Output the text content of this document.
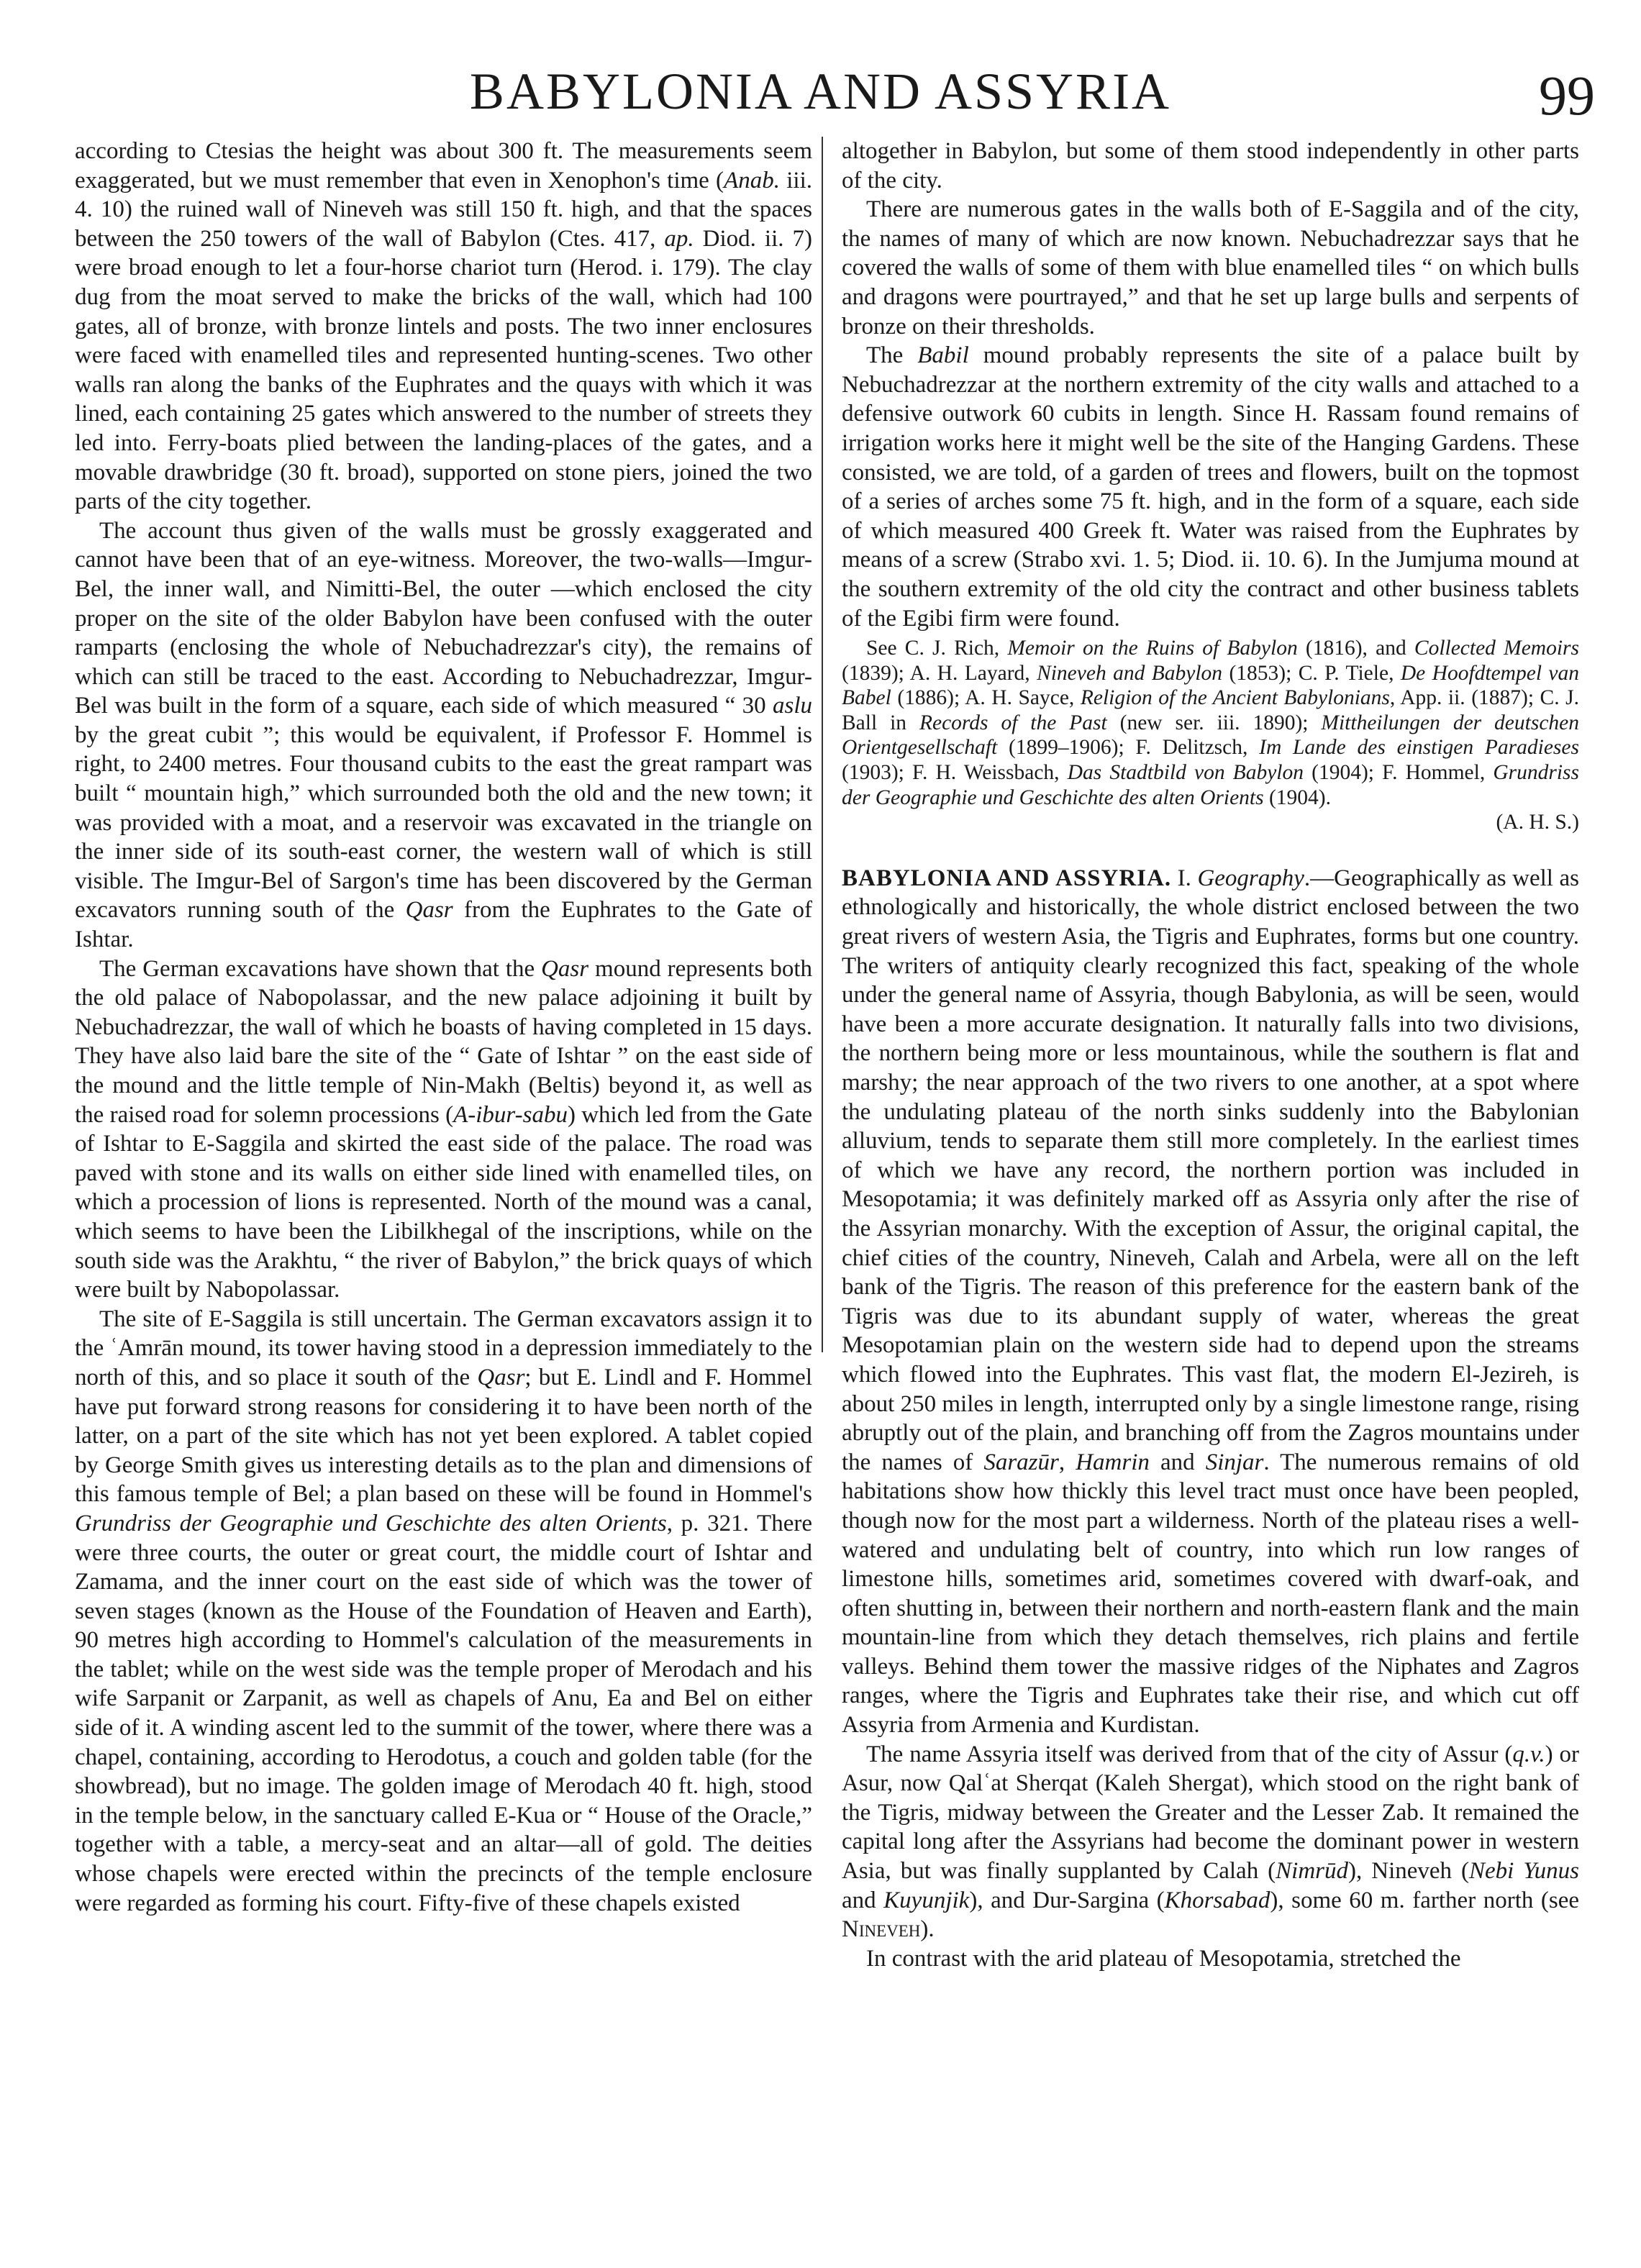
BABYLONIA AND ASSYRIA	99

according to Ctesias the height was about 300 ft. The measurements seem exaggerated, but we must remember that even in Xenophon's time (Anab. iii. 4. 10) the ruined wall of Nineveh was still 150 ft. high, and that the spaces between the 250 towers of the wall of Babylon (Ctes. 417, ap. Diod. ii. 7) were broad enough to let a four-horse chariot turn (Herod. i. 179). The clay dug from the moat served to make the bricks of the wall, which had 100 gates, all of bronze, with bronze lintels and posts. The two inner enclosures were faced with enamelled tiles and represented hunting-scenes. Two other walls ran along the banks of the Euphrates and the quays with which it was lined, each containing 25 gates which answered to the number of streets they led into. Ferry-boats plied between the landing-places of the gates, and a movable drawbridge (30 ft. broad), supported on stone piers, joined the two parts of the city together.

The account thus given of the walls must be grossly exaggerated and cannot have been that of an eye-witness. Moreover, the two-walls—Imgur-Bel, the inner wall, and Nimitti-Bel, the outer —which enclosed the city proper on the site of the older Babylon have been confused with the outer ramparts (enclosing the whole of Nebuchadrezzar's city), the remains of which can still be traced to the east. According to Nebuchadrezzar, Imgur-Bel was built in the form of a square, each side of which measured “ 30 aslu by the great cubit ”; this would be equivalent, if Professor F. Hommel is right, to 2400 metres. Four thousand cubits to the east the great rampart was built “ mountain high,” which surrounded both the old and the new town; it was provided with a moat, and a reservoir was excavated in the triangle on the inner side of its south-east corner, the western wall of which is still visible. The Imgur-Bel of Sargon's time has been discovered by the German excavators running south of the Qasr from the Euphrates to the Gate of Ishtar.

The German excavations have shown that the Qasr mound represents both the old palace of Nabopolassar, and the new palace adjoining it built by Nebuchadrezzar, the wall of which he boasts of having completed in 15 days. They have also laid bare the site of the “ Gate of Ishtar ” on the east side of the mound and the little temple of Nin-Makh (Beltis) beyond it, as well as the raised road for solemn processions (A-ibur-sabu) which led from the Gate of Ishtar to E-Saggila and skirted the east side of the palace. The road was paved with stone and its walls on either side lined with enamelled tiles, on which a procession of lions is represented. North of the mound was a canal, which seems to have been the Libilkhegal of the inscriptions, while on the south side was the Arakhtu, “ the river of Babylon,” the brick quays of which were built by Nabopolassar.

The site of E-Saggila is still uncertain. The German excavators assign it to the ʿAmrān mound, its tower having stood in a depression immediately to the north of this, and so place it south of the Qasr; but E. Lindl and F. Hommel have put forward strong reasons for considering it to have been north of the latter, on a part of the site which has not yet been explored. A tablet copied by George Smith gives us interesting details as to the plan and dimensions of this famous temple of Bel; a plan based on these will be found in Hommel's Grundriss der Geographie und Geschichte des alten Orients, p. 321. There were three courts, the outer or great court, the middle court of Ishtar and Zamama, and the inner court on the east side of which was the tower of seven stages (known as the House of the Foundation of Heaven and Earth), 90 metres high according to Hommel's calculation of the measurements in the tablet; while on the west side was the temple proper of Merodach and his wife Sarpanit or Zarpanit, as well as chapels of Anu, Ea and Bel on either side of it. A winding ascent led to the summit of the tower, where there was a chapel, containing, according to Herodotus, a couch and golden table (for the showbread), but no image. The golden image of Merodach 40 ft. high, stood in the temple below, in the sanctuary called E-Kua or “ House of the Oracle,” together with a table, a mercy-seat and an altar—all of gold. The deities whose chapels were erected within the precincts of the temple enclosure were regarded as forming his court. Fifty-five of these chapels existed

altogether in Babylon, but some of them stood independently in other parts of the city.

There are numerous gates in the walls both of E-Saggila and of the city, the names of many of which are now known. Nebuchadrezzar says that he covered the walls of some of them with blue enamelled tiles “ on which bulls and dragons were pourtrayed,” and that he set up large bulls and serpents of bronze on their thresholds.

The Babil mound probably represents the site of a palace built by Nebuchadrezzar at the northern extremity of the city walls and attached to a defensive outwork 60 cubits in length. Since H. Rassam found remains of irrigation works here it might well be the site of the Hanging Gardens. These consisted, we are told, of a garden of trees and flowers, built on the topmost of a series of arches some 75 ft. high, and in the form of a square, each side of which measured 400 Greek ft. Water was raised from the Euphrates by means of a screw (Strabo xvi. 1. 5; Diod. ii. 10. 6). In the Jumjuma mound at the southern extremity of the old city the contract and other business tablets of the Egibi firm were found.

See C. J. Rich, Memoir on the Ruins of Babylon (1816), and Collected Memoirs (1839); A. H. Layard, Nineveh and Babylon (1853); C. P. Tiele, De Hoofdtempel van Babel (1886); A. H. Sayce, Religion of the Ancient Babylonians, App. ii. (1887); C. J. Ball in Records of the Past (new ser. iii. 1890); Mittheilungen der deutschen Orientgesellschaft (1899–1906); F. Delitzsch, Im Lande des einstigen Paradieses (1903); F. H. Weissbach, Das Stadtbild von Babylon (1904); F. Hommel, Grundriss der Geographie und Geschichte des alten Orients (1904).
(A. H. S.)

BABYLONIA AND ASSYRIA. I. Geography.—Geographically as well as ethnologically and historically, the whole district enclosed between the two great rivers of western Asia, the Tigris and Euphrates, forms but one country. The writers of antiquity clearly recognized this fact, speaking of the whole under the general name of Assyria, though Babylonia, as will be seen, would have been a more accurate designation. It naturally falls into two divisions, the northern being more or less mountainous, while the southern is flat and marshy; the near approach of the two rivers to one another, at a spot where the undulating plateau of the north sinks suddenly into the Babylonian alluvium, tends to separate them still more completely. In the earliest times of which we have any record, the northern portion was included in Mesopotamia; it was definitely marked off as Assyria only after the rise of the Assyrian monarchy. With the exception of Assur, the original capital, the chief cities of the country, Nineveh, Calah and Arbela, were all on the left bank of the Tigris. The reason of this preference for the eastern bank of the Tigris was due to its abundant supply of water, whereas the great Mesopotamian plain on the western side had to depend upon the streams which flowed into the Euphrates. This vast flat, the modern El-Jezireh, is about 250 miles in length, interrupted only by a single limestone range, rising abruptly out of the plain, and branching off from the Zagros mountains under the names of Sarazūr, Hamrin and Sinjar. The numerous remains of old habitations show how thickly this level tract must once have been peopled, though now for the most part a wilderness. North of the plateau rises a well-watered and undulating belt of country, into which run low ranges of limestone hills, sometimes arid, sometimes covered with dwarf-oak, and often shutting in, between their northern and north-eastern flank and the main mountain-line from which they detach themselves, rich plains and fertile valleys. Behind them tower the massive ridges of the Niphates and Zagros ranges, where the Tigris and Euphrates take their rise, and which cut off Assyria from Armenia and Kurdistan.

The name Assyria itself was derived from that of the city of Assur (q.v.) or Asur, now Qalʿat Sherqat (Kaleh Shergat), which stood on the right bank of the Tigris, midway between the Greater and the Lesser Zab. It remained the capital long after the Assyrians had become the dominant power in western Asia, but was finally supplanted by Calah (Nimrūd), Nineveh (Nebi Yunus and Kuyunjik), and Dur-Sargina (Khorsabad), some 60 m. farther north (see Nineveh).

In contrast with the arid plateau of Mesopotamia, stretched the
